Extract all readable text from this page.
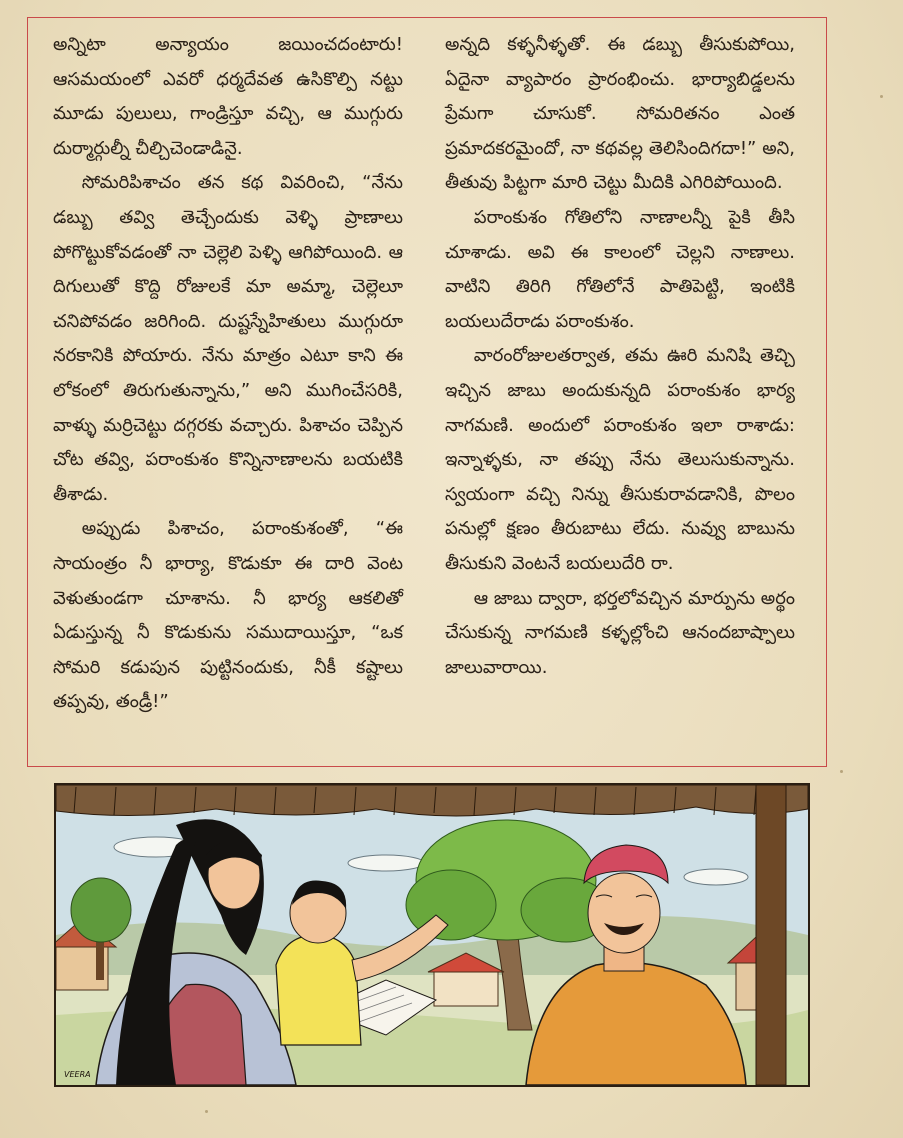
అన్నిటా అన్యాయం జయించదంటారు! ఆసమయంలో ఎవరో ధర్మదేవత ఉసికొల్పి నట్టు మూడు పులులు, గాండ్రిస్తూ వచ్చి, ఆ ముగ్గురు దుర్మార్గుల్నీ చీల్చిచెండాడినై.

సోమరిపిశాచం తన కథ వివరించి, “నేను డబ్బు తవ్వి తెచ్చేందుకు వెళ్ళి ప్రాణాలు పోగొట్టుకోవడంతో నా చెల్లెలి పెళ్ళి ఆగిపోయింది. ఆ దిగులుతో కొద్ది రోజులకే మా అమ్మా, చెల్లెలూ చనిపోవడం జరిగింది. దుష్టస్నేహితులు ముగ్గురూ నరకానికి పోయారు. నేను మాత్రం ఎటూ కాని ఈ లోకంలో తిరుగుతున్నాను,” అని ముగించేసరికి, వాళ్ళు మర్రిచెట్టు దగ్గరకు వచ్చారు. పిశాచం చెప్పిన చోట తవ్వి, పరాంకుశం కొన్నినాణాలను బయటికి తీశాడు.

అప్పుడు పిశాచం, పరాంకుశంతో, “ఈ సాయంత్రం నీ భార్యా, కొడుకూ ఈ దారి వెంట వెళుతుండగా చూశాను. నీ భార్య ఆకలితో ఏడుస్తున్న నీ కొడుకును సముదాయిస్తూ, “ఒక సోమరి కడుపున పుట్టినందుకు, నీకీ కష్టాలు తప్పవు, తండ్రీ!”

అన్నది కళ్ళనీళ్ళతో. ఈ డబ్బు తీసుకుపోయి, ఏదైనా వ్యాపారం ప్రారంభించు. భార్యాబిడ్డలను ప్రేమగా చూసుకో. సోమరితనం ఎంత ప్రమాదకరమైందో, నా కథవల్ల తెలిసిందిగదా!” అని, తీతువు పిట్టగా మారి చెట్టు మీదికి ఎగిరిపోయింది.

పరాంకుశం గోతిలోని నాణాలన్నీ పైకి తీసి చూశాడు. అవి ఈ కాలంలో చెల్లని నాణాలు. వాటిని తిరిగి గోతిలోనే పాతిపెట్టి, ఇంటికి బయలుదేరాడు పరాంకుశం.

వారంరోజులతర్వాత, తమ ఊరి మనిషి తెచ్చి ఇచ్చిన జాబు అందుకున్నది పరాంకుశం భార్య నాగమణి. అందులో పరాంకుశం ఇలా రాశాడు: ఇన్నాళ్ళకు, నా తప్పు నేను తెలుసుకున్నాను. స్వయంగా వచ్చి నిన్ను తీసుకురావడానికి, పొలం పనుల్లో క్షణం తీరుబాటు లేదు. నువ్వు బాబును తీసుకుని వెంటనే బయలుదేరి రా.

ఆ జాబు ద్వారా, భర్తలోవచ్చిన మార్పును అర్థం చేసుకున్న నాగమణి కళ్ళల్లోంచి ఆనందబాష్పాలు జాలువారాయి.

VEERA
